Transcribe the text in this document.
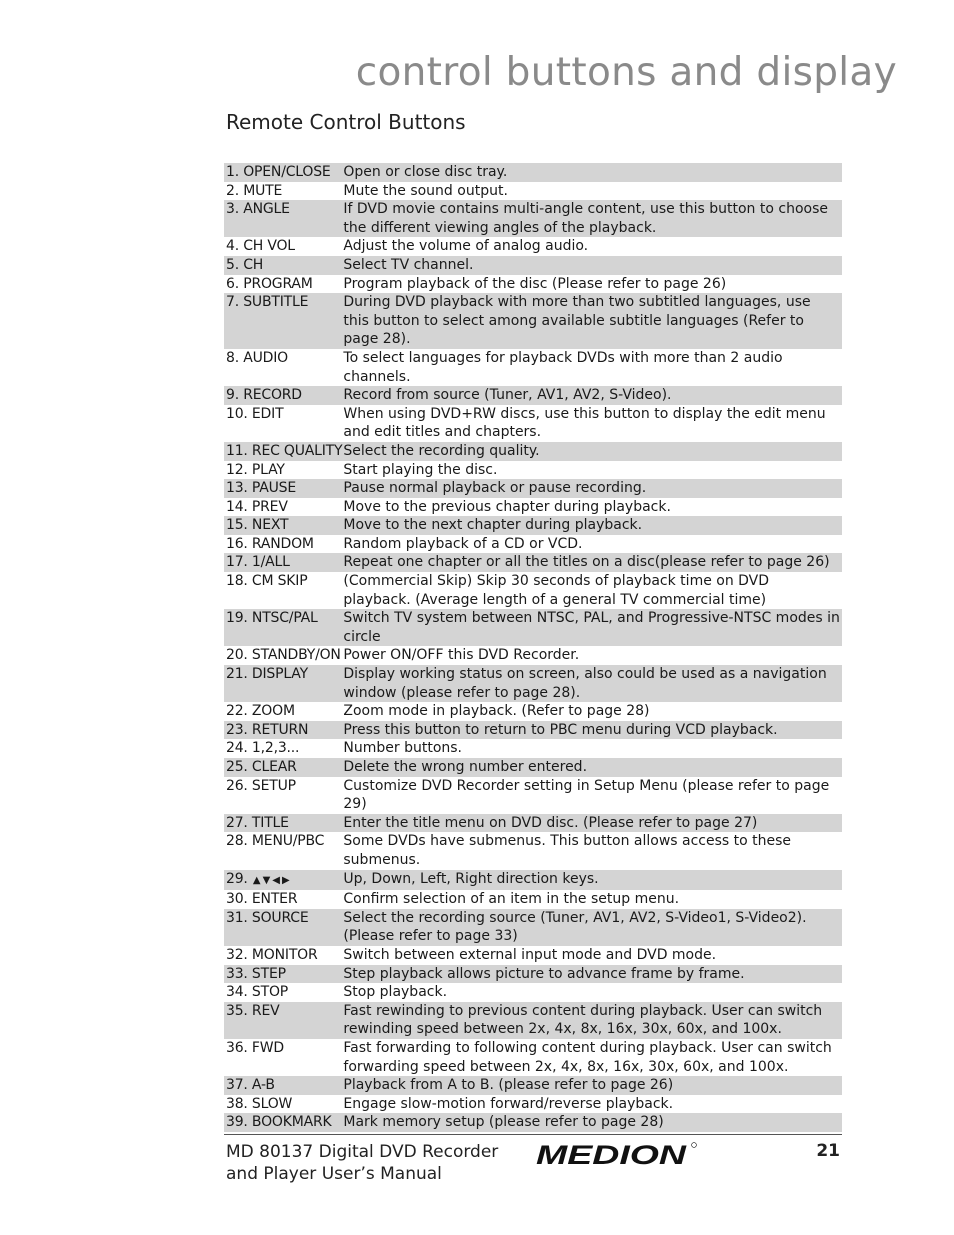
control buttons and display
Remote Control Buttons
1. OPEN/CLOSE	Open or close disc tray.
2. MUTE	Mute the sound output.
3. ANGLE	If DVD movie contains multi-angle content, use this button to choose the different viewing angles of the playback.
4. CH VOL	Adjust the volume of analog audio.
5. CH	Select TV channel.
6. PROGRAM	Program playback of the disc (Please refer to page 26)
7. SUBTITLE	During DVD playback with more than two subtitled languages, use this button to select among available subtitle languages (Refer to page 28).
8. AUDIO	To select languages for playback DVDs with more than 2 audio channels.
9. RECORD	Record from source (Tuner, AV1, AV2, S-Video).
10. EDIT	When using DVD+RW discs, use this button to display the edit menu and edit titles and chapters.
11. REC QUALITY	Select the recording quality.
12. PLAY	Start playing the disc.
13. PAUSE	Pause normal playback or pause recording.
14. PREV	Move to the previous chapter during playback.
15. NEXT	Move to the next chapter during playback.
16. RANDOM	Random playback of a CD or VCD.
17. 1/ALL	Repeat one chapter or all the titles on a disc(please refer to page 26)
18. CM SKIP	(Commercial Skip) Skip 30 seconds of playback time on DVD playback. (Average length of a general TV commercial time)
19. NTSC/PAL	Switch TV system between NTSC, PAL, and Progressive-NTSC modes in circle
20. STANDBY/ON	Power ON/OFF this DVD Recorder.
21. DISPLAY	Display working status on screen, also could be used as a navigation window (please refer to page 28).
22. ZOOM	Zoom mode in playback. (Refer to page 28)
23. RETURN	Press this button to return to PBC menu during VCD playback.
24. 1,2,3...	Number buttons.
25. CLEAR	Delete the wrong number entered.
26. SETUP	Customize DVD Recorder setting in Setup Menu (please refer to page 29)
27. TITLE	Enter the title menu on DVD disc. (Please refer to page 27)
28. MENU/PBC	Some DVDs have submenus. This button allows access to these submenus.
29. ▲▼◀▶	Up, Down, Left, Right direction keys.
30. ENTER	Confirm selection of an item in the setup menu.
31. SOURCE	Select the recording source (Tuner, AV1, AV2, S-Video1, S-Video2). (Please refer to page 33)
32. MONITOR	Switch between external input mode and DVD mode.
33. STEP	Step playback allows picture to advance frame by frame.
34. STOP	Stop playback.
35. REV	Fast rewinding to previous content during playback. User can switch rewinding speed between 2x, 4x, 8x, 16x, 30x, 60x, and 100x.
36. FWD	Fast forwarding to following content during playback. User can switch forwarding speed between 2x, 4x, 8x, 16x, 30x, 60x, and 100x.
37. A-B	Playback from A to B. (please refer to page 26)
38. SLOW	Engage slow-motion forward/reverse playback.
39. BOOKMARK	Mark memory setup (please refer to page 28)
MD 80137 Digital DVD Recorder
and Player User’s Manual
MEDION	21
